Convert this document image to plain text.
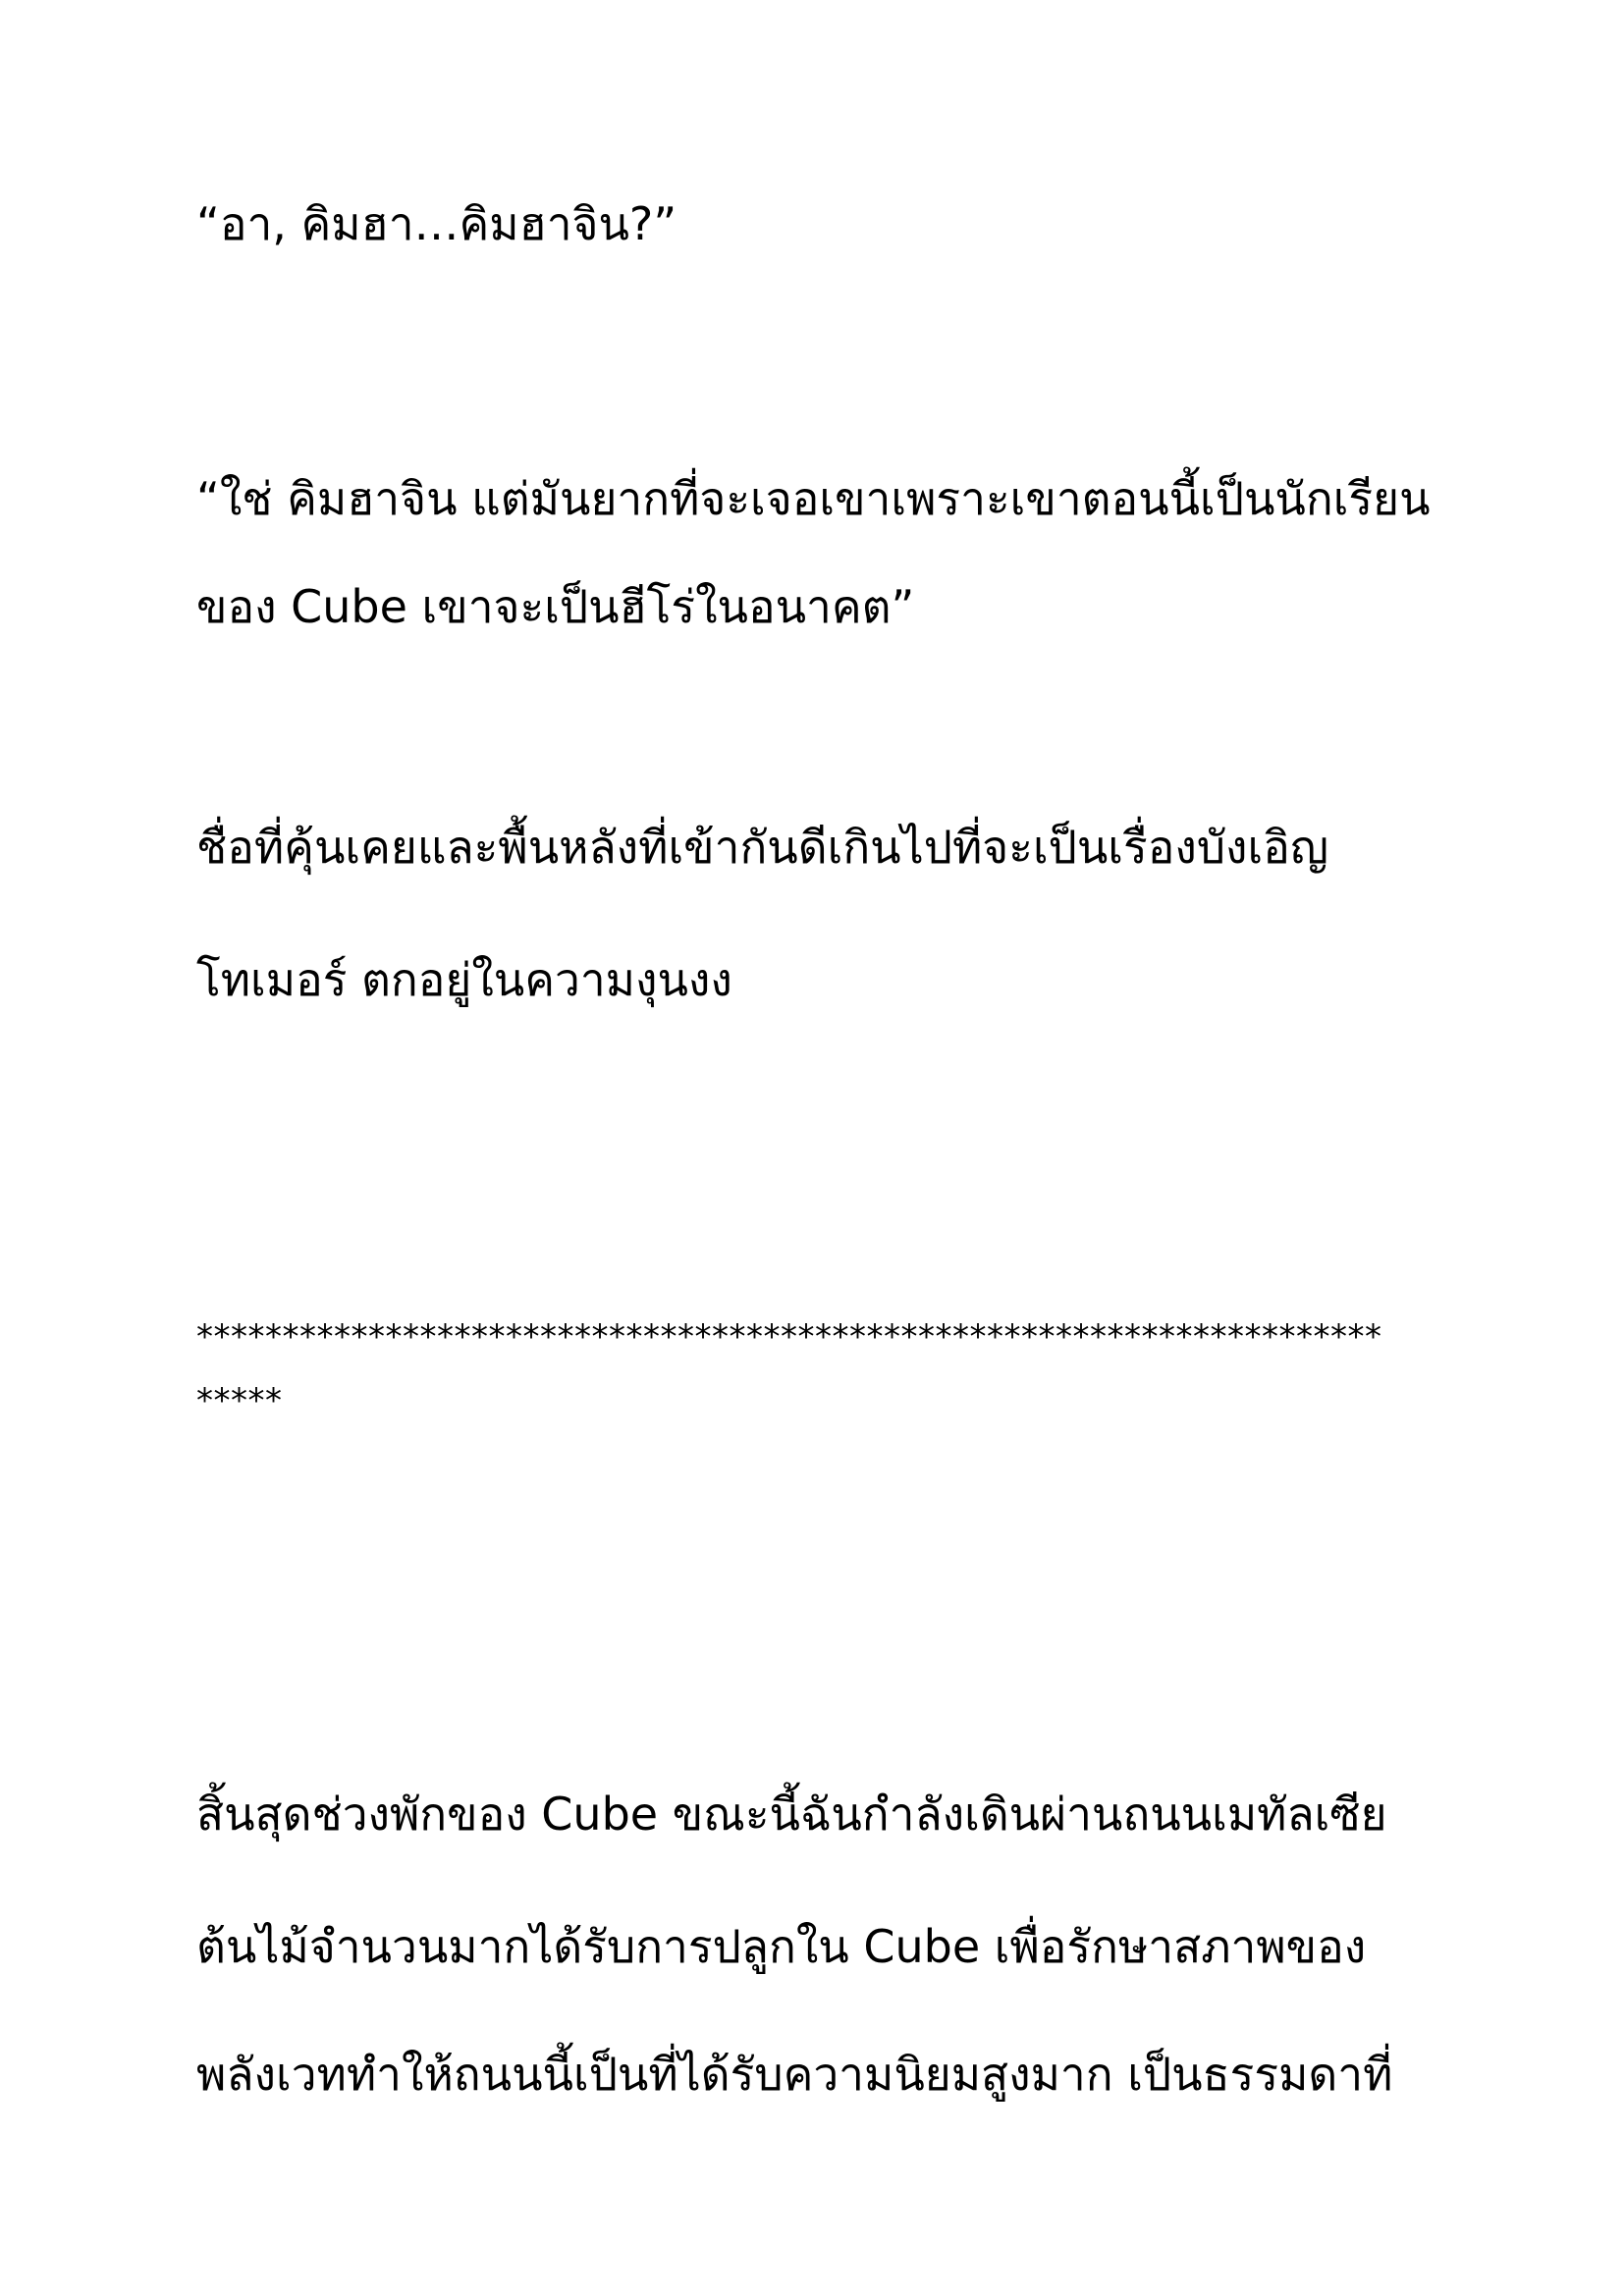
“อา, คิมฮา…คิมฮาจิน?”
“ใช่ คิมฮาจิน แต่มันยากที่จะเจอเขาเพราะเขาตอนนี้เป็นนักเรียน
ของ Cube เขาจะเป็นฮีโร่ในอนาคต”
ชื่อที่คุ้นเคยและพื้นหลังที่เข้ากันดีเกินไปที่จะเป็นเรื่องบังเอิญ
โทเมอร์ ตกอยู่ในความงุนงง
*********************************************************************
*****
สิ้นสุดช่วงพักของ Cube ขณะนี้ฉันกำลังเดินผ่านถนนเมทัลเซีย
ต้นไม้จำนวนมากได้รับการปลูกใน Cube เพื่อรักษาสภาพของ
พลังเวททำให้ถนนนี้เป็นที่ได้รับความนิยมสูงมาก เป็นธรรมดาที่
